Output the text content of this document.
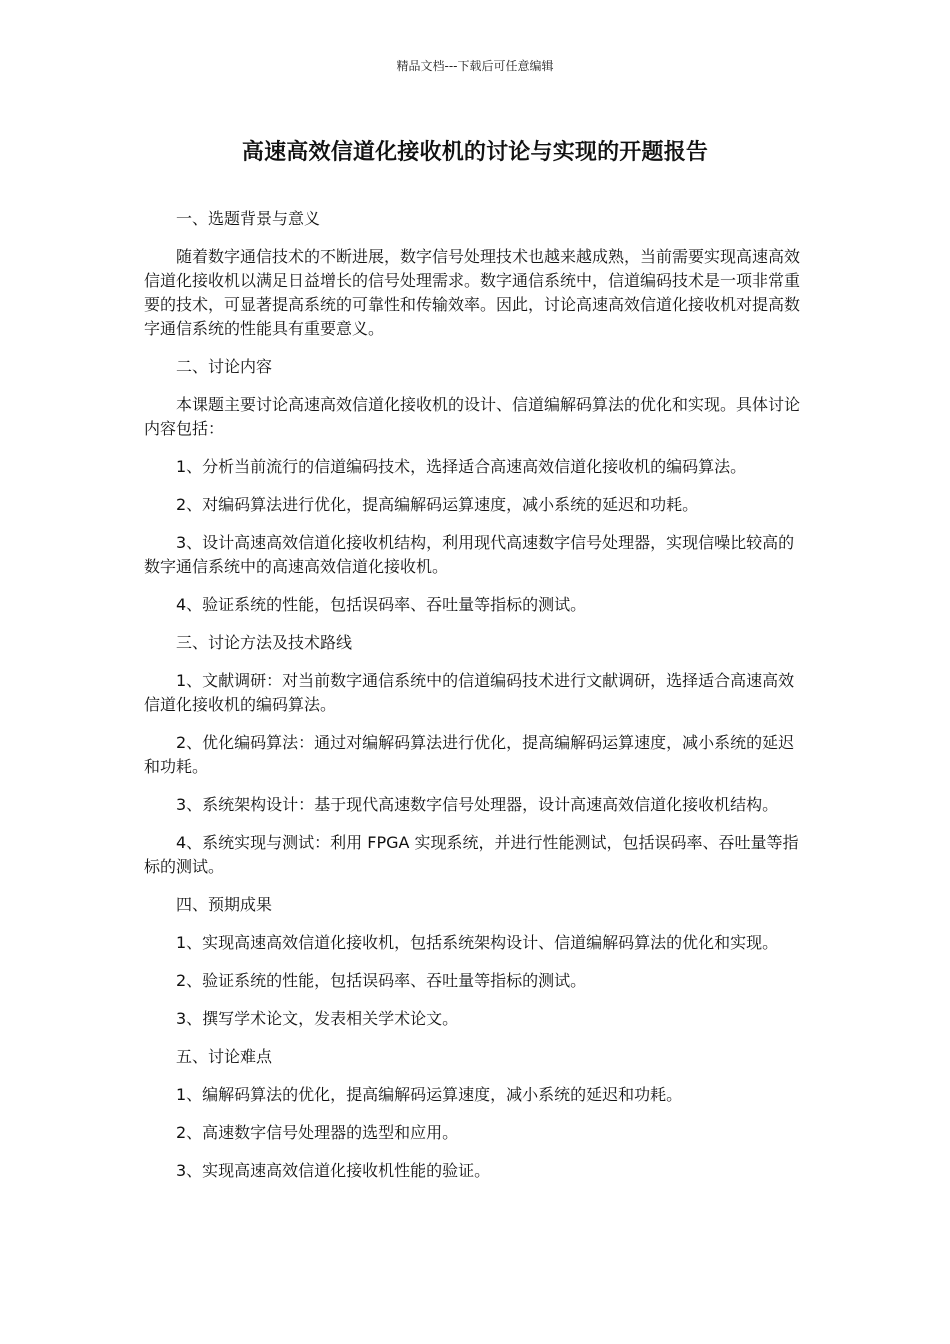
精品文档---下载后可任意编辑
高速高效信道化接收机的讨论与实现的开题报告
一、选题背景与意义
随着数字通信技术的不断进展，数字信号处理技术也越来越成熟，当前需要实现高速高效信道化接收机以满足日益增长的信号处理需求。数字通信系统中，信道编码技术是一项非常重要的技术，可显著提高系统的可靠性和传输效率。因此，讨论高速高效信道化接收机对提高数字通信系统的性能具有重要意义。
二、讨论内容
本课题主要讨论高速高效信道化接收机的设计、信道编解码算法的优化和实现。具体讨论内容包括：
1、分析当前流行的信道编码技术，选择适合高速高效信道化接收机的编码算法。
2、对编码算法进行优化，提高编解码运算速度，减小系统的延迟和功耗。
3、设计高速高效信道化接收机结构，利用现代高速数字信号处理器，实现信噪比较高的数字通信系统中的高速高效信道化接收机。
4、验证系统的性能，包括误码率、吞吐量等指标的测试。
三、讨论方法及技术路线
1、文献调研：对当前数字通信系统中的信道编码技术进行文献调研，选择适合高速高效信道化接收机的编码算法。
2、优化编码算法：通过对编解码算法进行优化，提高编解码运算速度，减小系统的延迟和功耗。
3、系统架构设计：基于现代高速数字信号处理器，设计高速高效信道化接收机结构。
4、系统实现与测试：利用 FPGA 实现系统，并进行性能测试，包括误码率、吞吐量等指标的测试。
四、预期成果
1、实现高速高效信道化接收机，包括系统架构设计、信道编解码算法的优化和实现。
2、验证系统的性能，包括误码率、吞吐量等指标的测试。
3、撰写学术论文，发表相关学术论文。
五、讨论难点
1、编解码算法的优化，提高编解码运算速度，减小系统的延迟和功耗。
2、高速数字信号处理器的选型和应用。
3、实现高速高效信道化接收机性能的验证。
